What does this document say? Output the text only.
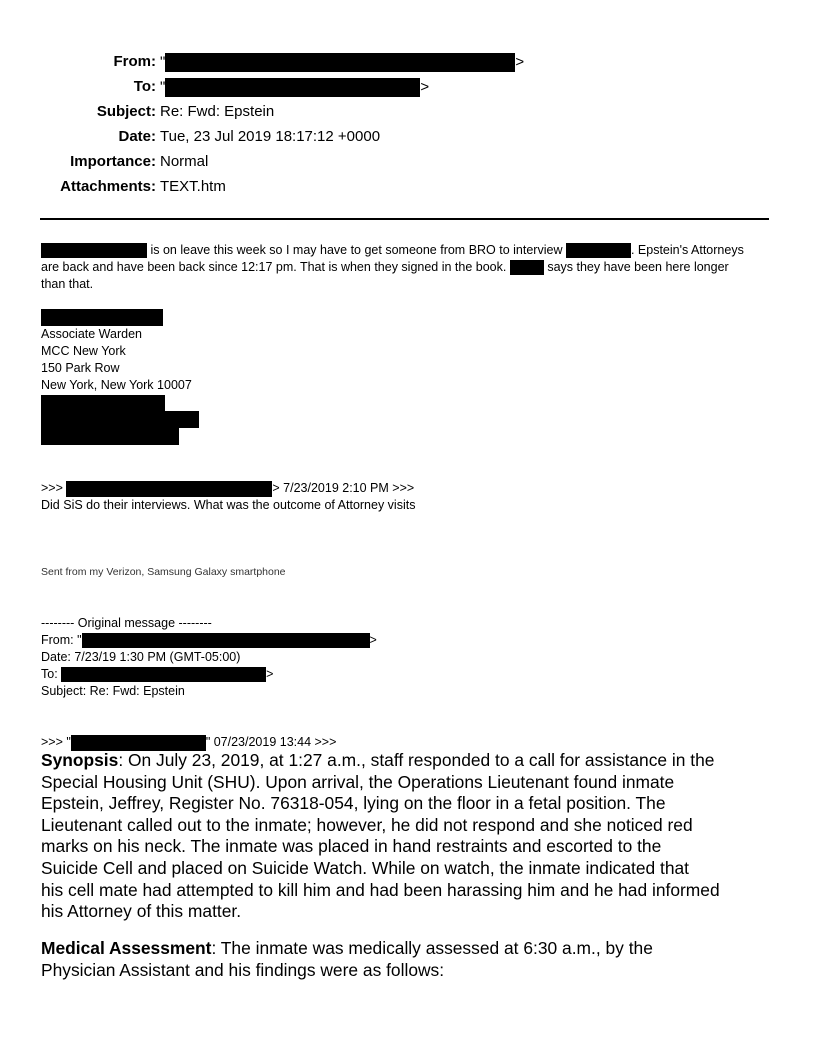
From: "	>
To: "	>
Subject: Re: Fwd: Epstein
Date: Tue, 23 Jul 2019 18:17:12 +0000
Importance: Normal
Attachments: TEXT.htm
is on leave this week so I may have to get someone from BRO to interview	. Epstein's Attorneys
are back and have been back since 12:17 pm. That is when they signed in the book.	says they have been here longer
than that.
Associate Warden
MCC New York
150 Park Row
New York, New York 10007
>>>	> 7/23/2019 2:10 PM >>>
Did SiS do their interviews. What was the outcome of Attorney visits
Sent from my Verizon, Samsung Galaxy smartphone
-------- Original message --------
From: "	>
Date: 7/23/19 1:30 PM (GMT-05:00)
To:	>
Subject: Re: Fwd: Epstein
>>> "	" 07/23/2019 13:44 >>>
Synopsis: On July 23, 2019, at 1:27 a.m., staff responded to a call for assistance in the
Special Housing Unit (SHU). Upon arrival, the Operations Lieutenant found inmate
Epstein, Jeffrey, Register No. 76318-054, lying on the floor in a fetal position. The
Lieutenant called out to the inmate; however, he did not respond and she noticed red
marks on his neck. The inmate was placed in hand restraints and escorted to the
Suicide Cell and placed on Suicide Watch. While on watch, the inmate indicated that
his cell mate had attempted to kill him and had been harassing him and he had informed
his Attorney of this matter.
Medical Assessment: The inmate was medically assessed at 6:30 a.m., by the
Physician Assistant and his findings were as follows:
